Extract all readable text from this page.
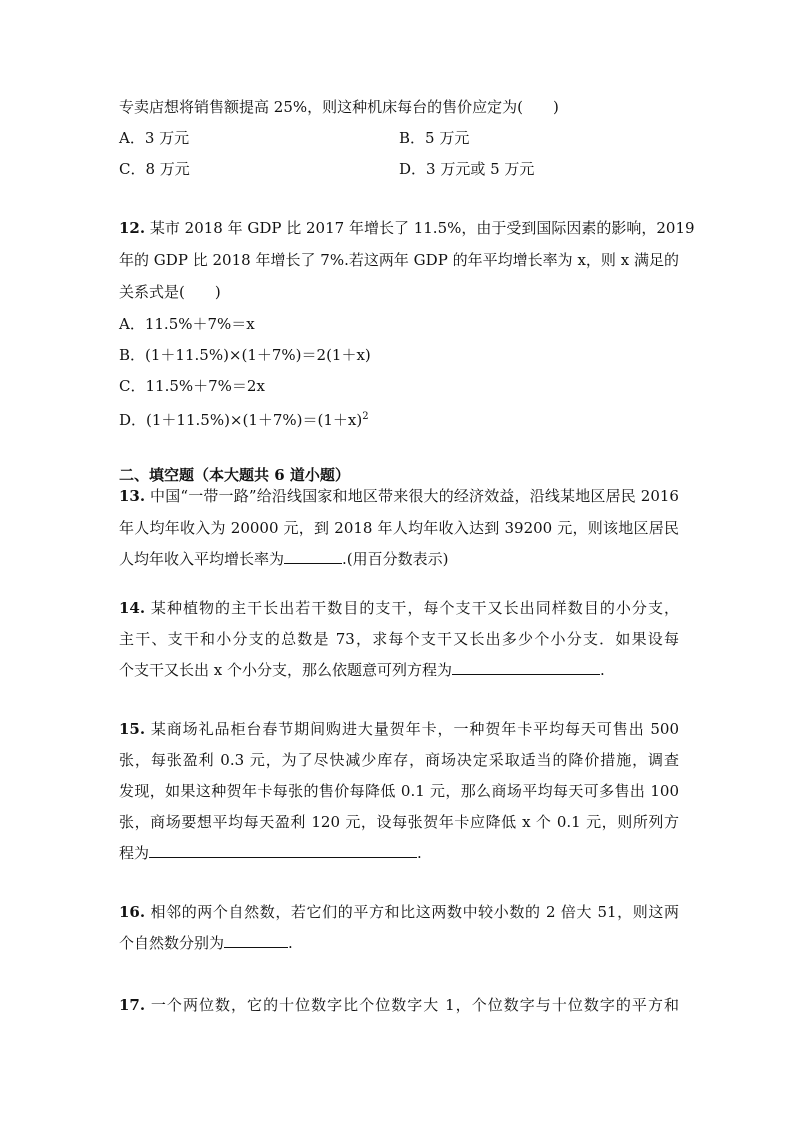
专卖店想将销售额提高 25%，则这种机床每台的售价应定为(　　)
A．3 万元	B．5 万元
C．8 万元	D．3 万元或 5 万元
12. 某市 2018 年 GDP 比 2017 年增长了 11.5%，由于受到国际因素的影响，2019
年的 GDP 比 2018 年增长了 7%.若这两年 GDP 的年平均增长率为 x，则 x 满足的
关系式是(　　)
A．11.5%＋7%＝x
B．(1＋11.5%)×(1＋7%)＝2(1＋x)
C．11.5%＋7%＝2x
D．$(1+11.5\%)\times(1+7\%)=(1+x)^2$
二、填空题（本大题共 6 道小题）
13. 中国“一带一路”给沿线国家和地区带来很大的经济效益，沿线某地区居民 2016
年人均年收入为 20000 元，到 2018 年人均年收入达到 39200 元，则该地区居民
人均年收入平均增长率为	.(用百分数表示)
14. 某种植物的主干长出若干数目的支干，每个支干又长出同样数目的小分支，
主干、支干和小分支的总数是 73，求每个支干又长出多少个小分支．如果设每
个支干又长出 x 个小分支，那么依题意可列方程为	.
15. 某商场礼品柜台春节期间购进大量贺年卡，一种贺年卡平均每天可售出 500
张，每张盈利 0.3 元，为了尽快减少库存，商场决定采取适当的降价措施，调查
发现，如果这种贺年卡每张的售价每降低 0.1 元，那么商场平均每天可多售出 100
张，商场要想平均每天盈利 120 元，设每张贺年卡应降低 x 个 0.1 元，则所列方
程为	.
16. 相邻的两个自然数，若它们的平方和比这两数中较小数的 2 倍大 51，则这两
个自然数分别为	.
17. 一个两位数，它的十位数字比个位数字大 1，个位数字与十位数字的平方和
